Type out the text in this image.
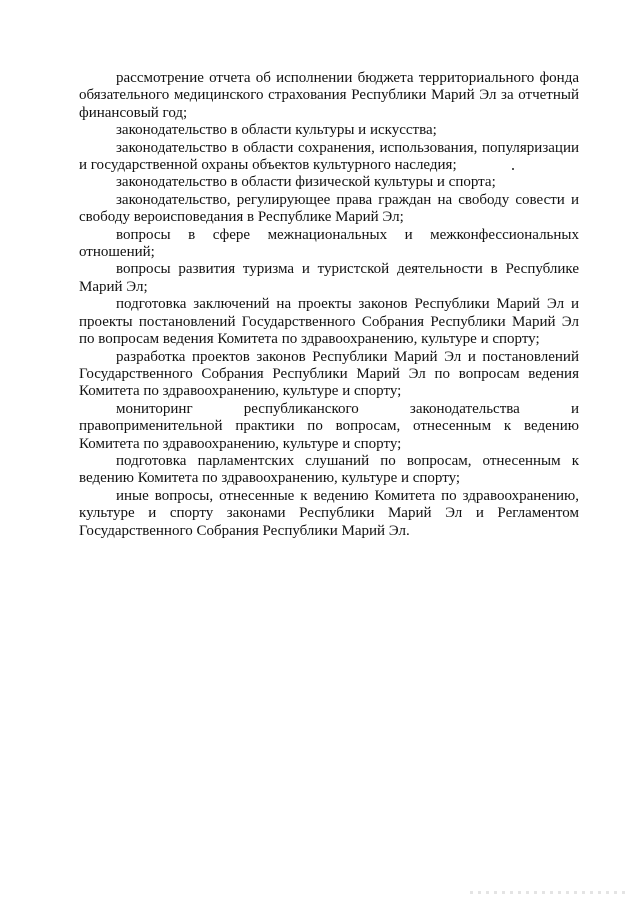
рассмотрение отчета об исполнении бюджета территориального фонда обязательного медицинского страхования Республики Марий Эл за отчетный финансовый год;

законодательство в области культуры и искусства;

законодательство в области сохранения, использования, популяризации и государственной охраны объектов культурного наследия;

законодательство в области физической культуры и спорта;

законодательство, регулирующее права граждан на свободу совести и свободу вероисповедания в Республике Марий Эл;

вопросы в сфере межнациональных и межконфессиональных отношений;

вопросы развития туризма и туристской деятельности в Республике Марий Эл;

подготовка заключений на проекты законов Республики Марий Эл и проекты постановлений Государственного Собрания Республики Марий Эл по вопросам ведения Комитета по здравоохранению, культуре и спорту;

разработка проектов законов Республики Марий Эл и постановлений Государственного Собрания Республики Марий Эл по вопросам ведения Комитета по здравоохранению, культуре и спорту;

мониторинг республиканского законодательства и правоприменительной практики по вопросам, отнесенным к ведению Комитета по здравоохранению, культуре и спорту;

подготовка парламентских слушаний по вопросам, отнесенным к ведению Комитета по здравоохранению, культуре и спорту;

иные вопросы, отнесенные к ведению Комитета по здравоохранению, культуре и спорту законами Республики Марий Эл и Регламентом Государственного Собрания Республики Марий Эл.
